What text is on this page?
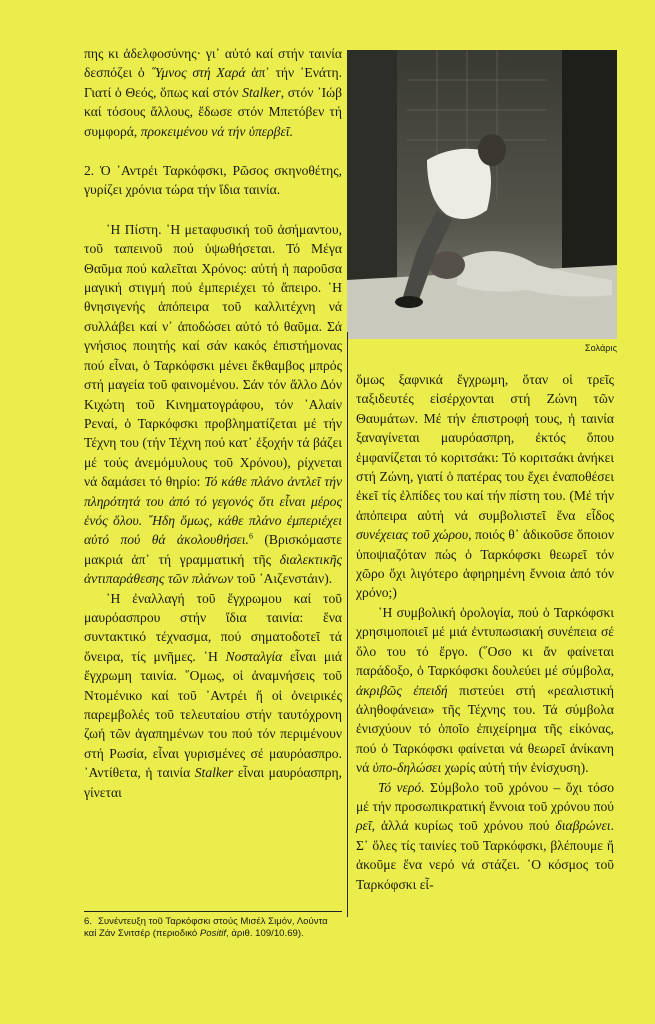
πης κι ἀδελφοσύνης· γι᾽ αὐτό καί στήν ταινία δεσπόζει ὁ ῞Υμνος στή Χαρά ἀπ᾽ τήν ᾽Ενάτη. Γιατί ὁ Θεός, ὅπως καί στόν Stalker, στόν ᾽Ιώβ καί τόσους ἄλλους, ἔδωσε στόν Μπετόβεν τή συμφορά, προκειμένου νά τήν ὑπερβεῖ.

2. Ὁ ᾽Αντρέι Ταρκόφσκι, Ρῶσος σκηνοθέτης, γυρίζει χρόνια τώρα τήν ἴδια ταινία.

῾Η Πίστη. ῾Η μεταφυσική τοῦ ἀσήμαντου, τοῦ ταπεινοῦ πού ὑψωθήσεται. Τό Μέγα Θαῦμα πού καλεῖται Χρόνος: αὐτή ἡ παροῦσα μαγική στιγμή πού ἐμπεριέχει τό ἄπειρο. ῾Η θνησιγενής ἀπόπειρα τοῦ καλλιτέχνη νά συλλάβει καί ν᾽ ἀποδώσει αὐτό τό θαῦμα. Σά γνήσιος ποιητής καί σάν κακός ἐπιστήμονας πού εἶναι, ὁ Ταρκόφσκι μένει ἔκθαμβος μπρός στή μαγεία τοῦ φαινομένου. Σάν τόν ἄλλο Δόν Κιχώτη τοῦ Κινηματογράφου, τόν ᾽Αλαίν Ρεναί, ὁ Ταρκόφσκι προβληματίζεται μέ τήν Τέχνη του (τήν Τέχνη πού κατ᾽ ἐξοχήν τά βάζει μέ τούς ἀνεμόμυλους τοῦ Χρόνου), ρίχνεται νά δαμάσει τό θηρίο: Τό κάθε πλάνο ἀντλεῖ τήν πληρότητά του ἀπό τό γεγονός ὅτι εἶναι μέρος ἑνός ὅλου. ῎Ηδη ὅμως, κάθε πλάνο ἐμπεριέχει αὐτό πού θά ἀκολουθήσει.$^6$ (Βρισκόμαστε μακριά ἀπ᾽ τή γραμματική τῆς διαλεκτικῆς ἀντιπαράθεσης τῶν πλάνων τοῦ ᾽Αιζενστάιν).

῾Η ἐναλλαγή τοῦ ἔγχρωμου καί τοῦ μαυρόασπρου στήν ἴδια ταινία: ἕνα συντακτικό τέχνασμα, πού σηματοδοτεῖ τά ὄνειρα, τίς μνῆμες. ῾Η Νοσταλγία εἶναι μιά ἔγχρωμη ταινία. ῞Ομως, οἱ ἀναμνήσεις τοῦ Ντομένικο καί τοῦ ᾽Αντρέι ἤ οἱ ὀνειρικές παρεμβολές τοῦ τελευταίου στήν ταυτόχρονη ζωή τῶν ἀγαπημένων του πού τόν περιμένουν στή Ρωσία, εἶναι γυρισμένες σέ μαυρόασπρο. ᾽Αντίθετα, ἡ ταινία Stalker εἶναι μαυρόασπρη, γίνεται

6. Συνέντευξη τοῦ Ταρκόφσκι στούς Μισέλ Σιμόν, Λούντα καί Ζάν Σνιτσέρ (περιοδικό Positif, ἀριθ. 109/10.69).
Σολάρις

ὅμως ξαφνικά ἔγχρωμη, ὅταν οἱ τρεῖς ταξιδευτές εἰσέρχονται στή Ζώνη τῶν Θαυμάτων. Μέ τήν ἐπιστροφή τους, ἡ ταινία ξαναγίνεται μαυρόασπρη, ἐκτός ὅπου ἐμφανίζεται τό κοριτσάκι: Τό κοριτσάκι ἀνήκει στή Ζώνη, γιατί ὁ πατέρας του ἔχει ἐναποθέσει ἐκεῖ τίς ἐλπίδες του καί τήν πίστη του. (Μέ τήν ἀπόπειρα αὐτή νά συμβολιστεῖ ἕνα εἶδος συνέχειας τοῦ χώρου, ποιός θ᾽ ἀδικοῦσε ὅποιον ὑποψιαζόταν πώς ὁ Ταρκόφσκι θεωρεῖ τόν χῶρο ὄχι λιγότερο ἀφηρημένη ἔννοια ἀπό τόν χρόνο;)

῾Η συμβολική ὁρολογία, πού ὁ Ταρκόφσκι χρησιμοποιεῖ μέ μιά ἐντυπωσιακή συνέπεια σέ ὅλο του τό ἔργο. (῞Οσο κι ἄν φαίνεται παράδοξο, ὁ Ταρκόφσκι δουλεύει μέ σύμβολα, ἀκριβῶς ἐπειδή πιστεύει στή «ρεαλιστική ἀληθοφάνεια» τῆς Τέχνης του. Τά σύμβολα ἐνισχύουν τό ὁποῖο ἐπιχείρημα τῆς εἰκόνας, πού ὁ Ταρκόφσκι φαίνεται νά θεωρεῖ ἀνίκανη νά ὑπο-δηλώσει χωρίς αὐτή τήν ἐνίσχυση).

Τό νερό. Σύμβολο τοῦ χρόνου – ὄχι τόσο μέ τήν προσωπικρατική ἔννοια τοῦ χρόνου πού ρεῖ, ἀλλά κυρίως τοῦ χρόνου πού διαβρώνει. Σ᾽ ὅλες τίς ταινίες τοῦ Ταρκόφσκι, βλέπουμε ἤ ἀκοῦμε ἕνα νερό νά στάζει. ῾Ο κόσμος τοῦ Ταρκόφσκι εἶ-
